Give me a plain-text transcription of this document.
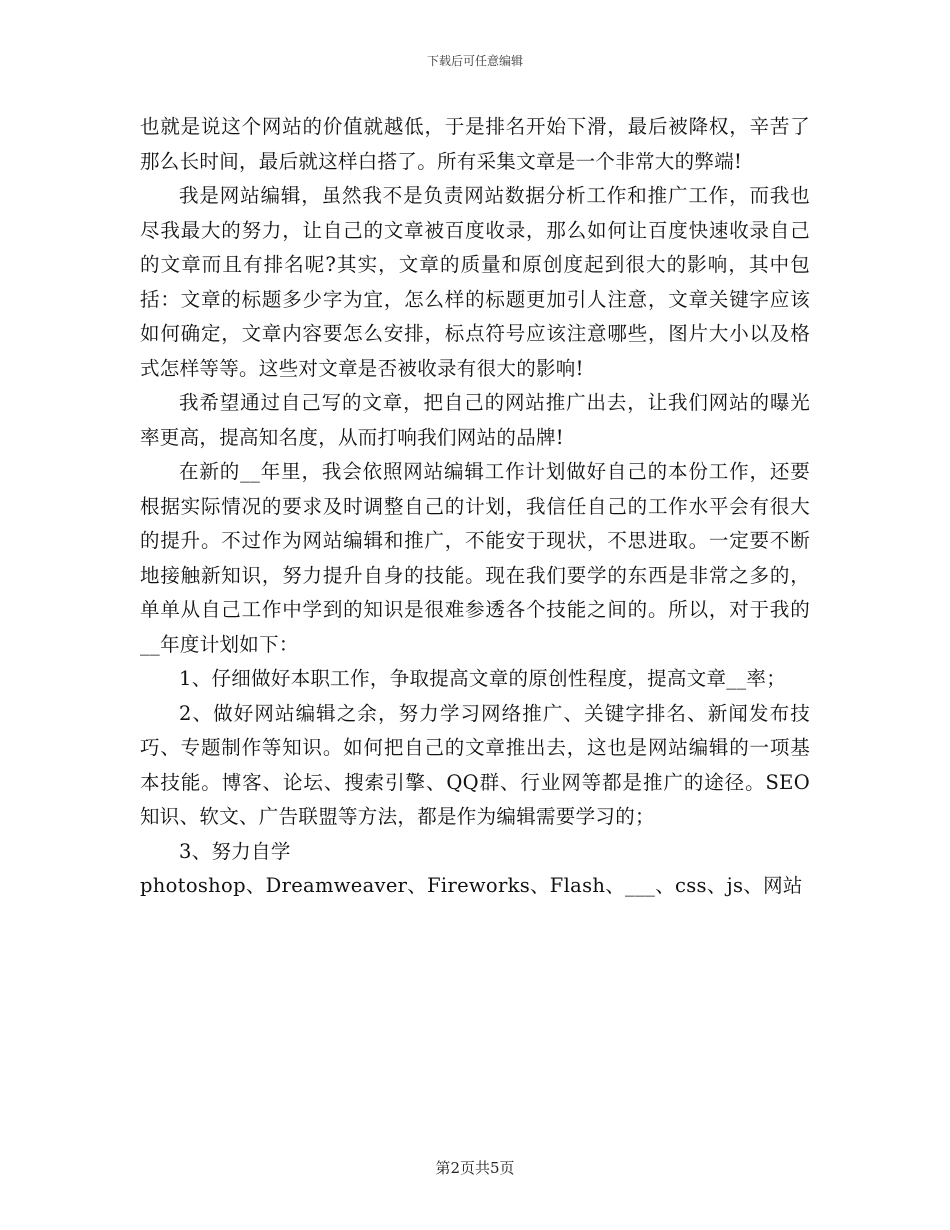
下载后可任意编辑

也就是说这个网站的价值就越低，于是排名开始下滑，最后被降权，辛苦了那么长时间，最后就这样白搭了。所有采集文章是一个非常大的弊端!

我是网站编辑，虽然我不是负责网站数据分析工作和推广工作，而我也尽我最大的努力，让自己的文章被百度收录，那么如何让百度快速收录自己的文章而且有排名呢?其实，文章的质量和原创度起到很大的影响，其中包括：文章的标题多少字为宜，怎么样的标题更加引人注意，文章关键字应该如何确定，文章内容要怎么安排，标点符号应该注意哪些，图片大小以及格式怎样等等。这些对文章是否被收录有很大的影响!

我希望通过自己写的文章，把自己的网站推广出去，让我们网站的曝光率更高，提高知名度，从而打响我们网站的品牌!

在新的__年里，我会依照网站编辑工作计划做好自己的本份工作，还要根据实际情况的要求及时调整自己的计划，我信任自己的工作水平会有很大的提升。不过作为网站编辑和推广，不能安于现状，不思进取。一定要不断地接触新知识，努力提升自身的技能。现在我们要学的东西是非常之多的，单单从自己工作中学到的知识是很难参透各个技能之间的。所以，对于我的__年度计划如下：

1、仔细做好本职工作，争取提高文章的原创性程度，提高文章__率；

2、做好网站编辑之余，努力学习网络推广、关键字排名、新闻发布技巧、专题制作等知识。如何把自己的文章推出去，这也是网站编辑的一项基本技能。博客、论坛、搜索引擎、QQ群、行业网等都是推广的途径。SEO知识、软文、广告联盟等方法，都是作为编辑需要学习的；

3、努力自学

photoshop、Dreamweaver、Fireworks、Flash、___、css、js、网站

第2页共5页
